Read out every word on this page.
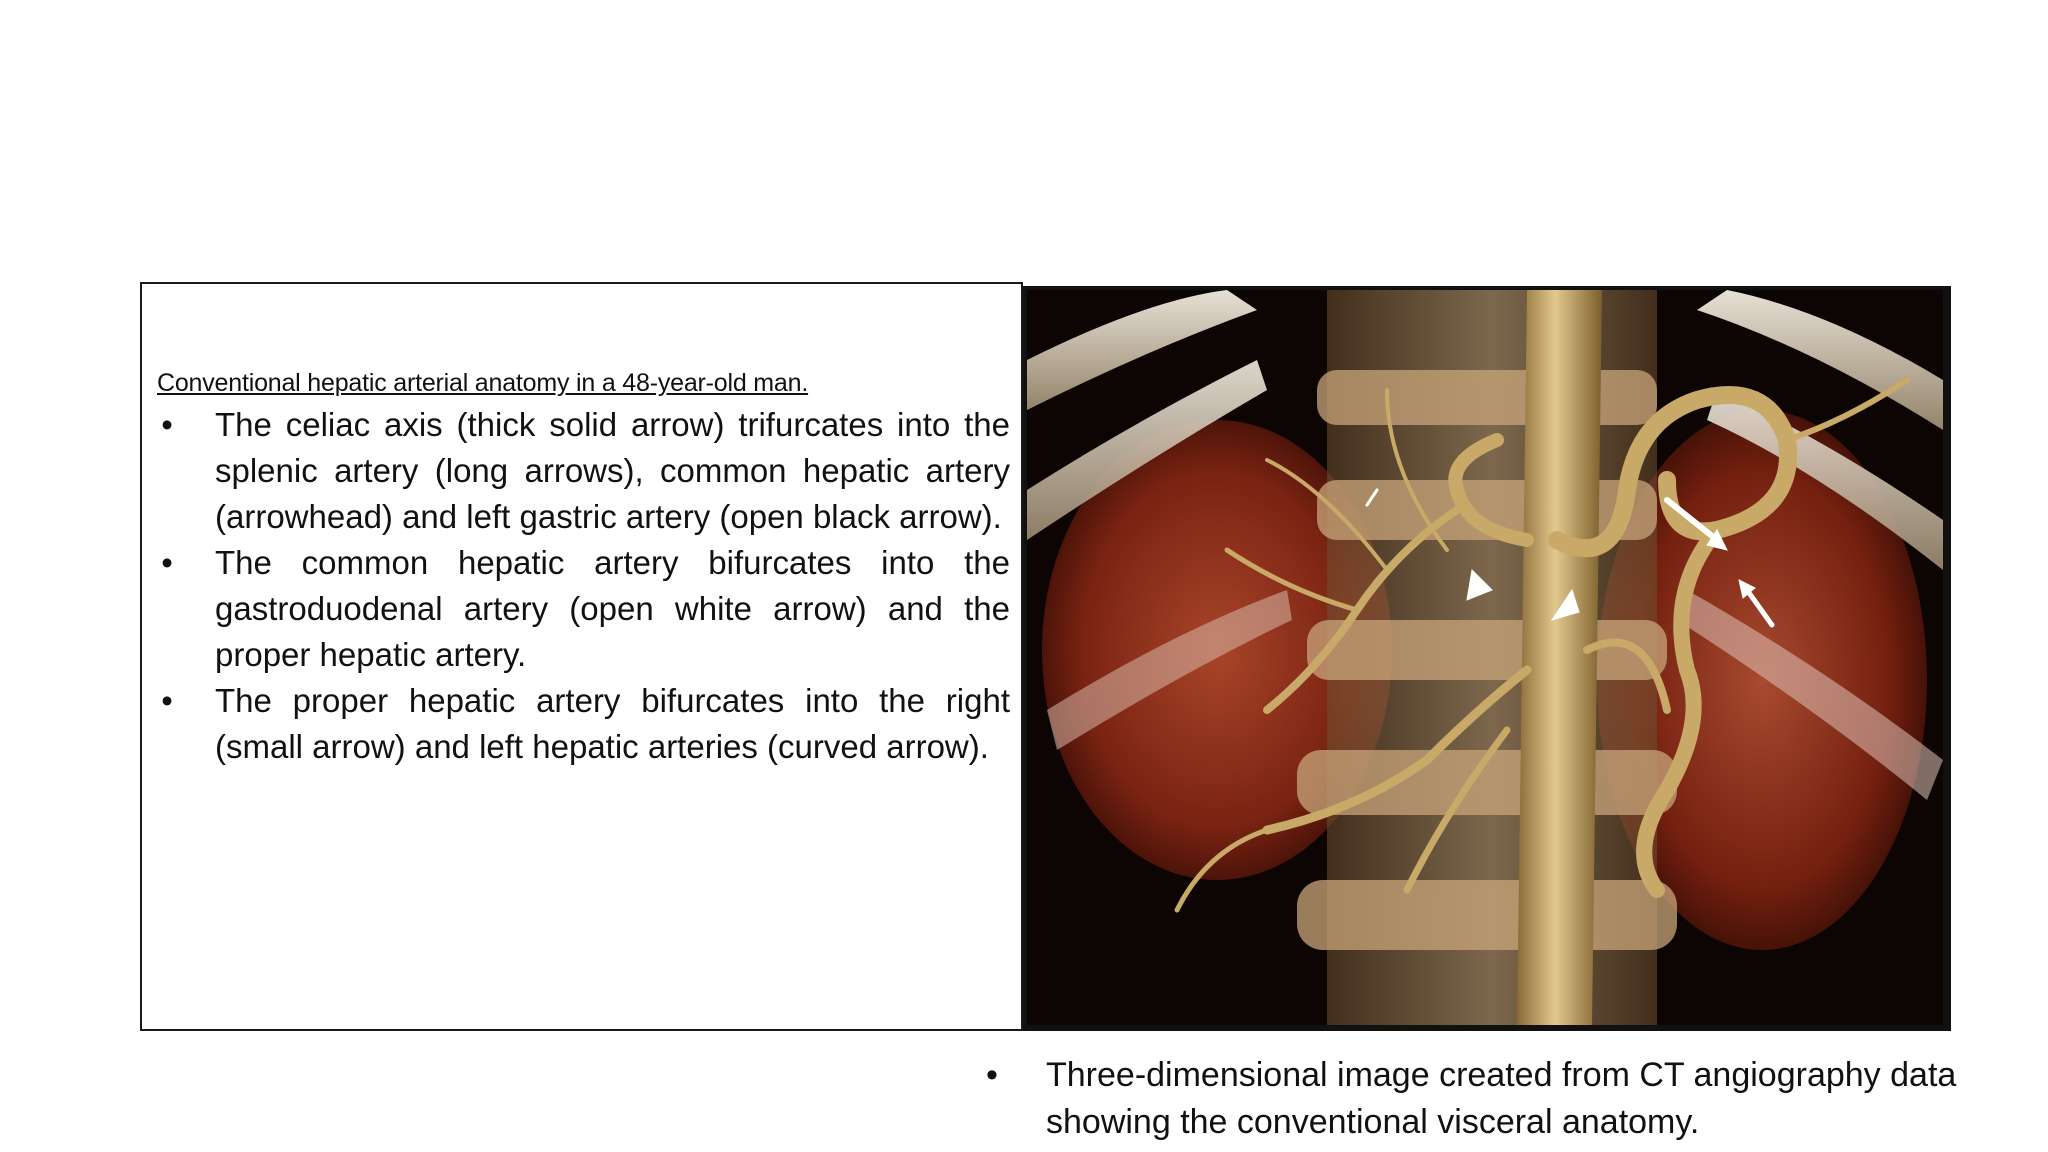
Conventional hepatic arterial anatomy in a 48-year-old man.
• The celiac axis (thick solid arrow) trifurcates into the splenic artery (long arrows), common hepatic artery (arrowhead) and left gastric artery (open black arrow).
• The common hepatic artery bifurcates into the gastroduodenal artery (open white arrow) and the proper hepatic artery.
• The proper hepatic artery bifurcates into the right (small arrow) and left hepatic arteries (curved arrow).
• Three-dimensional image created from CT angiography data showing the conventional visceral anatomy.
